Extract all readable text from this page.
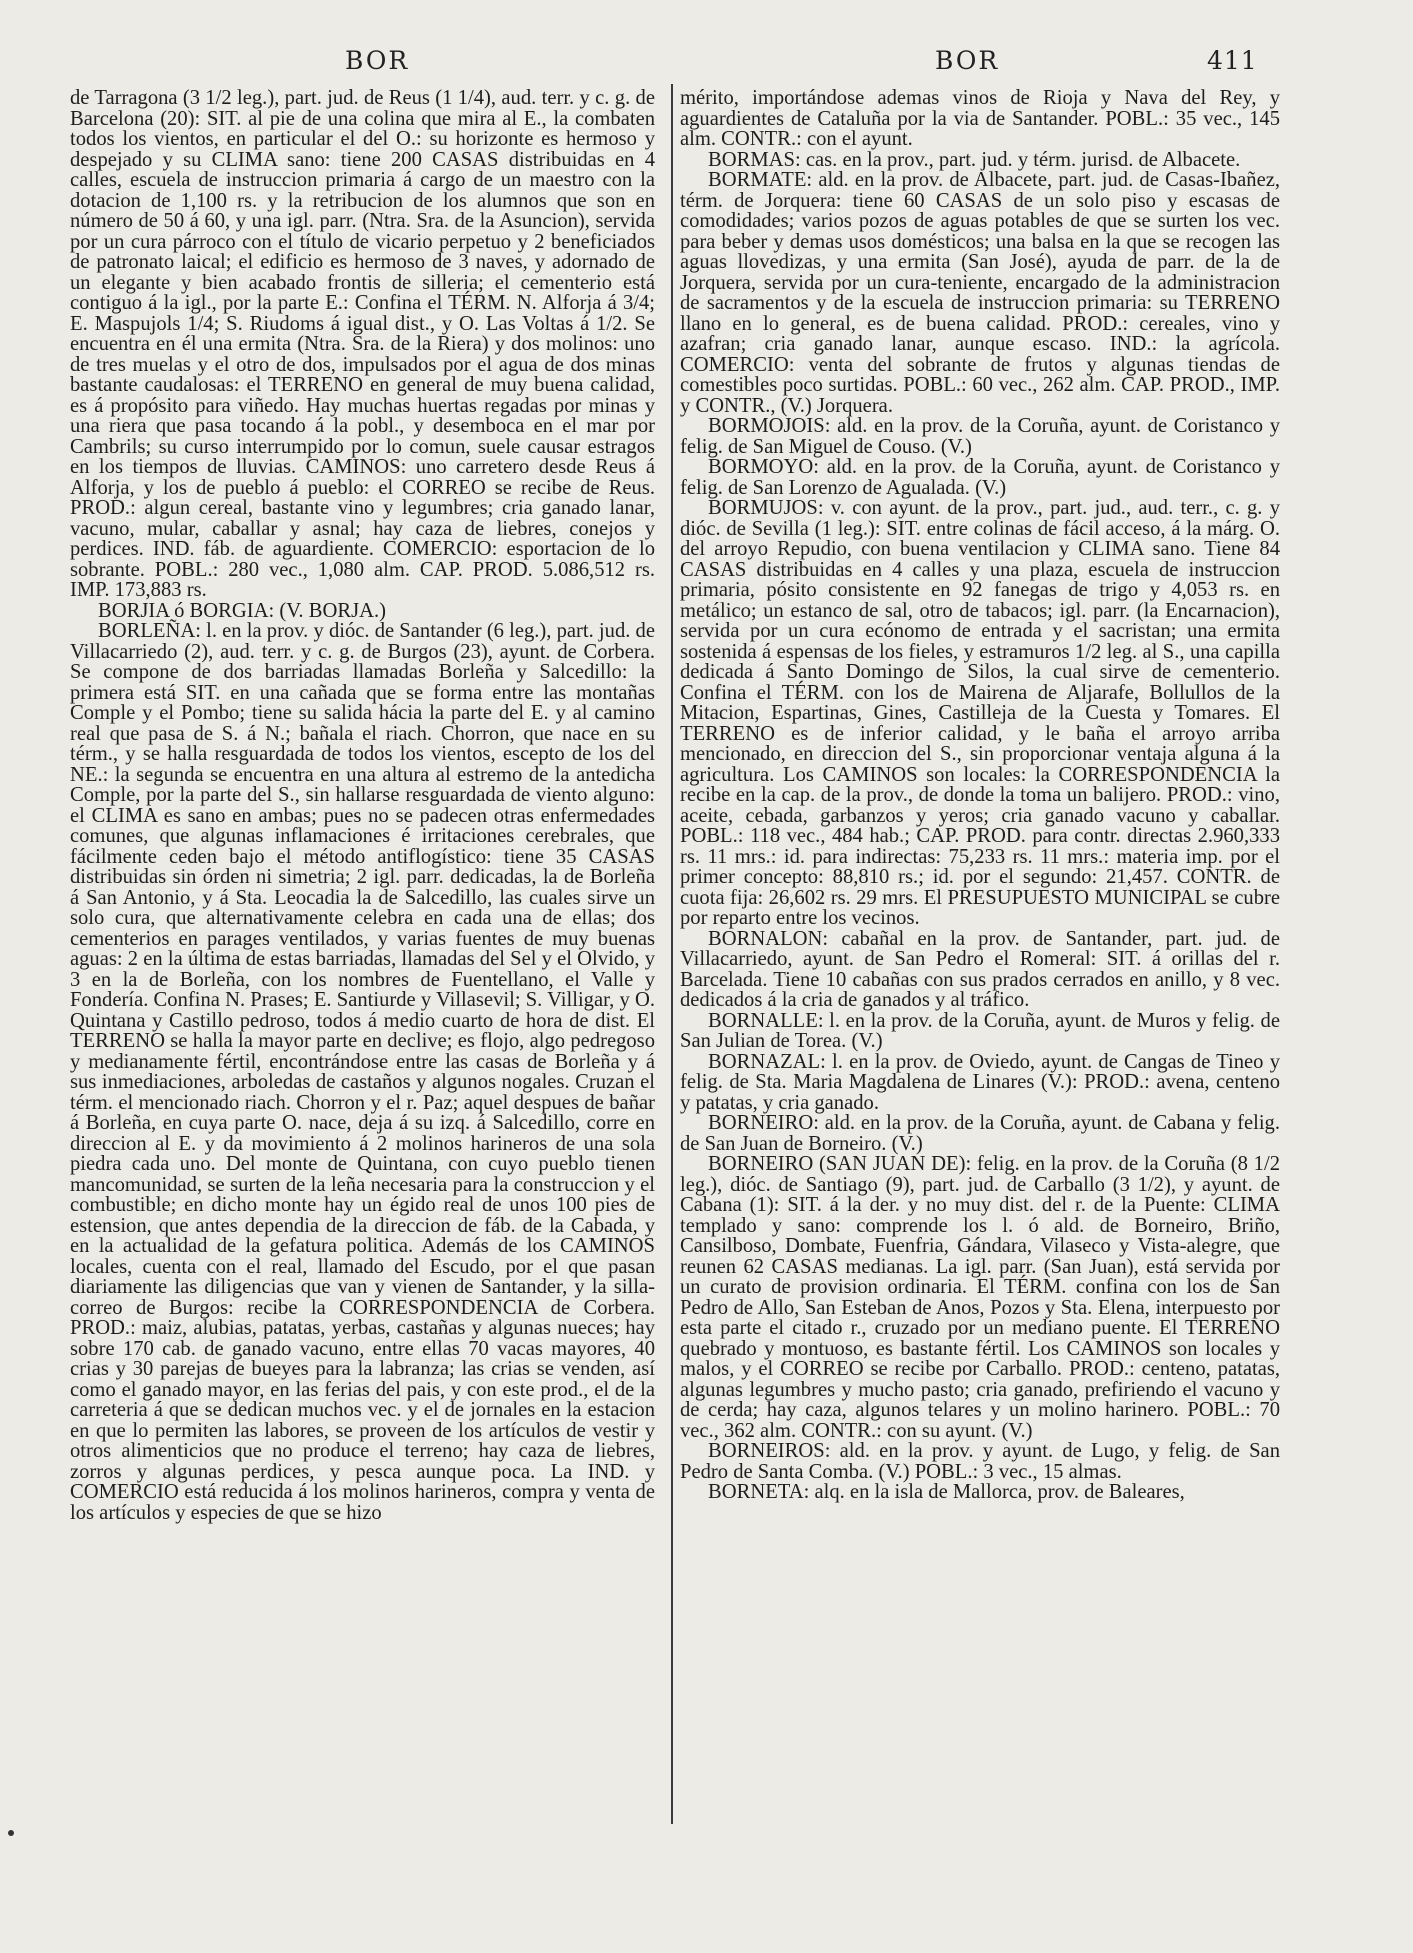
BOR	BOR	411

de Tarragona (3 1/2 leg.), part. jud. de Reus (1 1/4), aud. terr. y c. g. de Barcelona (20): SIT. al pie de una colina que mira al E., la combaten todos los vientos, en particular el del O.: su horizonte es hermoso y despejado y su CLIMA sano: tiene 200 CASAS distribuidas en 4 calles, escuela de instruccion primaria á cargo de un maestro con la dotacion de 1,100 rs. y la retribucion de los alumnos que son en número de 50 á 60, y una igl. parr. (Ntra. Sra. de la Asuncion), servida por un cura párroco con el título de vicario perpetuo y 2 beneficiados de patronato laical; el edificio es hermoso de 3 naves, y adornado de un elegante y bien acabado frontis de silleria; el cementerio está contiguo á la igl., por la parte E.: Confina el TÉRM. N. Alforja á 3/4; E. Maspujols 1/4; S. Riudoms á igual dist., y O. Las Voltas á 1/2. Se encuentra en él una ermita (Ntra. Sra. de la Riera) y dos molinos: uno de tres muelas y el otro de dos, impulsados por el agua de dos minas bastante caudalosas: el TERRENO en general de muy buena calidad, es á propósito para viñedo. Hay muchas huertas regadas por minas y una riera que pasa tocando á la pobl., y desemboca en el mar por Cambrils; su curso interrumpido por lo comun, suele causar estragos en los tiempos de lluvias. CAMINOS: uno carretero desde Reus á Alforja, y los de pueblo á pueblo: el CORREO se recibe de Reus. PROD.: algun cereal, bastante vino y legumbres; cria ganado lanar, vacuno, mular, caballar y asnal; hay caza de liebres, conejos y perdices. IND. fáb. de aguardiente. COMERCIO: esportacion de lo sobrante. POBL.: 280 vec., 1,080 alm. CAP. PROD. 5.086,512 rs. IMP. 173,883 rs.

BORJIA ó BORGIA: (V. BORJA.)

BORLEÑA: l. en la prov. y dióc. de Santander (6 leg.), part. jud. de Villacarriedo (2), aud. terr. y c. g. de Burgos (23), ayunt. de Corbera. Se compone de dos barriadas llamadas Borleña y Salcedillo: la primera está SIT. en una cañada que se forma entre las montañas Comple y el Pombo; tiene su salida hácia la parte del E. y al camino real que pasa de S. á N.; bañala el riach. Chorron, que nace en su térm., y se halla resguardada de todos los vientos, escepto de los del NE.: la segunda se encuentra en una altura al estremo de la antedicha Comple, por la parte del S., sin hallarse resguardada de viento alguno: el CLIMA es sano en ambas; pues no se padecen otras enfermedades comunes, que algunas inflamaciones é irritaciones cerebrales, que fácilmente ceden bajo el método antiflogístico: tiene 35 CASAS distribuidas sin órden ni simetria; 2 igl. parr. dedicadas, la de Borleña á San Antonio, y á Sta. Leocadia la de Salcedillo, las cuales sirve un solo cura, que alternativamente celebra en cada una de ellas; dos cementerios en parages ventilados, y varias fuentes de muy buenas aguas: 2 en la última de estas barriadas, llamadas del Sel y el Olvido, y 3 en la de Borleña, con los nombres de Fuentellano, el Valle y Fondería. Confina N. Prases; E. Santiurde y Villasevil; S. Villigar, y O. Quintana y Castillo pedroso, todos á medio cuarto de hora de dist. El TERRENO se halla la mayor parte en declive; es flojo, algo pedregoso y medianamente fértil, encontrándose entre las casas de Borleña y á sus inmediaciones, arboledas de castaños y algunos nogales. Cruzan el térm. el mencionado riach. Chorron y el r. Paz; aquel despues de bañar á Borleña, en cuya parte O. nace, deja á su izq. á Salcedillo, corre en direccion al E. y da movimiento á 2 molinos harineros de una sola piedra cada uno. Del monte de Quintana, con cuyo pueblo tienen mancomunidad, se surten de la leña necesaria para la construccion y el combustible; en dicho monte hay un égido real de unos 100 pies de estension, que antes dependia de la direccion de fáb. de la Cabada, y en la actualidad de la gefatura politica. Además de los CAMINOS locales, cuenta con el real, llamado del Escudo, por el que pasan diariamente las diligencias que van y vienen de Santander, y la silla-correo de Burgos: recibe la CORRESPONDENCIA de Corbera. PROD.: maiz, alubias, patatas, yerbas, castañas y algunas nueces; hay sobre 170 cab. de ganado vacuno, entre ellas 70 vacas mayores, 40 crias y 30 parejas de bueyes para la labranza; las crias se venden, así como el ganado mayor, en las ferias del pais, y con este prod., el de la carreteria á que se dedican muchos vec. y el de jornales en la estacion en que lo permiten las labores, se proveen de los artículos de vestir y otros alimenticios que no produce el terreno; hay caza de liebres, zorros y algunas perdices, y pesca aunque poca. La IND. y COMERCIO está reducida á los molinos harineros, compra y venta de los artículos y especies de que se hizo

mérito, importándose ademas vinos de Rioja y Nava del Rey, y aguardientes de Cataluña por la via de Santander. POBL.: 35 vec., 145 alm. CONTR.: con el ayunt.

BORMAS: cas. en la prov., part. jud. y térm. jurisd. de Albacete.

BORMATE: ald. en la prov. de Albacete, part. jud. de Casas-Ibañez, térm. de Jorquera: tiene 60 CASAS de un solo piso y escasas de comodidades; varios pozos de aguas potables de que se surten los vec. para beber y demas usos domésticos; una balsa en la que se recogen las aguas llovedizas, y una ermita (San José), ayuda de parr. de la de Jorquera, servida por un cura-teniente, encargado de la administracion de sacramentos y de la escuela de instruccion primaria: su TERRENO llano en lo general, es de buena calidad. PROD.: cereales, vino y azafran; cria ganado lanar, aunque escaso. IND.: la agrícola. COMERCIO: venta del sobrante de frutos y algunas tiendas de comestibles poco surtidas. POBL.: 60 vec., 262 alm. CAP. PROD., IMP. y CONTR., (V.) Jorquera.

BORMOJOIS: ald. en la prov. de la Coruña, ayunt. de Coristanco y felig. de San Miguel de Couso. (V.)

BORMOYO: ald. en la prov. de la Coruña, ayunt. de Coristanco y felig. de San Lorenzo de Agualada. (V.)

BORMUJOS: v. con ayunt. de la prov., part. jud., aud. terr., c. g. y dióc. de Sevilla (1 leg.): SIT. entre colinas de fácil acceso, á la márg. O. del arroyo Repudio, con buena ventilacion y CLIMA sano. Tiene 84 CASAS distribuidas en 4 calles y una plaza, escuela de instruccion primaria, pósito consistente en 92 fanegas de trigo y 4,053 rs. en metálico; un estanco de sal, otro de tabacos; igl. parr. (la Encarnacion), servida por un cura ecónomo de entrada y el sacristan; una ermita sostenida á espensas de los fieles, y estramuros 1/2 leg. al S., una capilla dedicada á Santo Domingo de Silos, la cual sirve de cementerio. Confina el TÉRM. con los de Mairena de Aljarafe, Bollullos de la Mitacion, Espartinas, Gines, Castilleja de la Cuesta y Tomares. El TERRENO es de inferior calidad, y le baña el arroyo arriba mencionado, en direccion del S., sin proporcionar ventaja alguna á la agricultura. Los CAMINOS son locales: la CORRESPONDENCIA la recibe en la cap. de la prov., de donde la toma un balijero. PROD.: vino, aceite, cebada, garbanzos y yeros; cria ganado vacuno y caballar. POBL.: 118 vec., 484 hab.; CAP. PROD. para contr. directas 2.960,333 rs. 11 mrs.: id. para indirectas: 75,233 rs. 11 mrs.: materia imp. por el primer concepto: 88,810 rs.; id. por el segundo: 21,457. CONTR. de cuota fija: 26,602 rs. 29 mrs. El PRESUPUESTO MUNICIPAL se cubre por reparto entre los vecinos.

BORNALON: cabañal en la prov. de Santander, part. jud. de Villacarriedo, ayunt. de San Pedro el Romeral: SIT. á orillas del r. Barcelada. Tiene 10 cabañas con sus prados cerrados en anillo, y 8 vec. dedicados á la cria de ganados y al tráfico.

BORNALLE: l. en la prov. de la Coruña, ayunt. de Muros y felig. de San Julian de Torea. (V.)

BORNAZAL: l. en la prov. de Oviedo, ayunt. de Cangas de Tineo y felig. de Sta. Maria Magdalena de Linares (V.): PROD.: avena, centeno y patatas, y cria ganado.

BORNEIRO: ald. en la prov. de la Coruña, ayunt. de Cabana y felig. de San Juan de Borneiro. (V.)

BORNEIRO (SAN JUAN DE): felig. en la prov. de la Coruña (8 1/2 leg.), dióc. de Santiago (9), part. jud. de Carballo (3 1/2), y ayunt. de Cabana (1): SIT. á la der. y no muy dist. del r. de la Puente: CLIMA templado y sano: comprende los l. ó ald. de Borneiro, Briño, Cansilboso, Dombate, Fuenfria, Gándara, Vilaseco y Vista-alegre, que reunen 62 CASAS medianas. La igl. parr. (San Juan), está servida por un curato de provision ordinaria. El TÉRM. confina con los de San Pedro de Allo, San Esteban de Anos, Pozos y Sta. Elena, interpuesto por esta parte el citado r., cruzado por un mediano puente. El TERRENO quebrado y montuoso, es bastante fértil. Los CAMINOS son locales y malos, y el CORREO se recibe por Carballo. PROD.: centeno, patatas, algunas legumbres y mucho pasto; cria ganado, prefiriendo el vacuno y de cerda; hay caza, algunos telares y un molino harinero. POBL.: 70 vec., 362 alm. CONTR.: con su ayunt. (V.)

BORNEIROS: ald. en la prov. y ayunt. de Lugo, y felig. de San Pedro de Santa Comba. (V.) POBL.: 3 vec., 15 almas.

BORNETA: alq. en la isla de Mallorca, prov. de Baleares,
